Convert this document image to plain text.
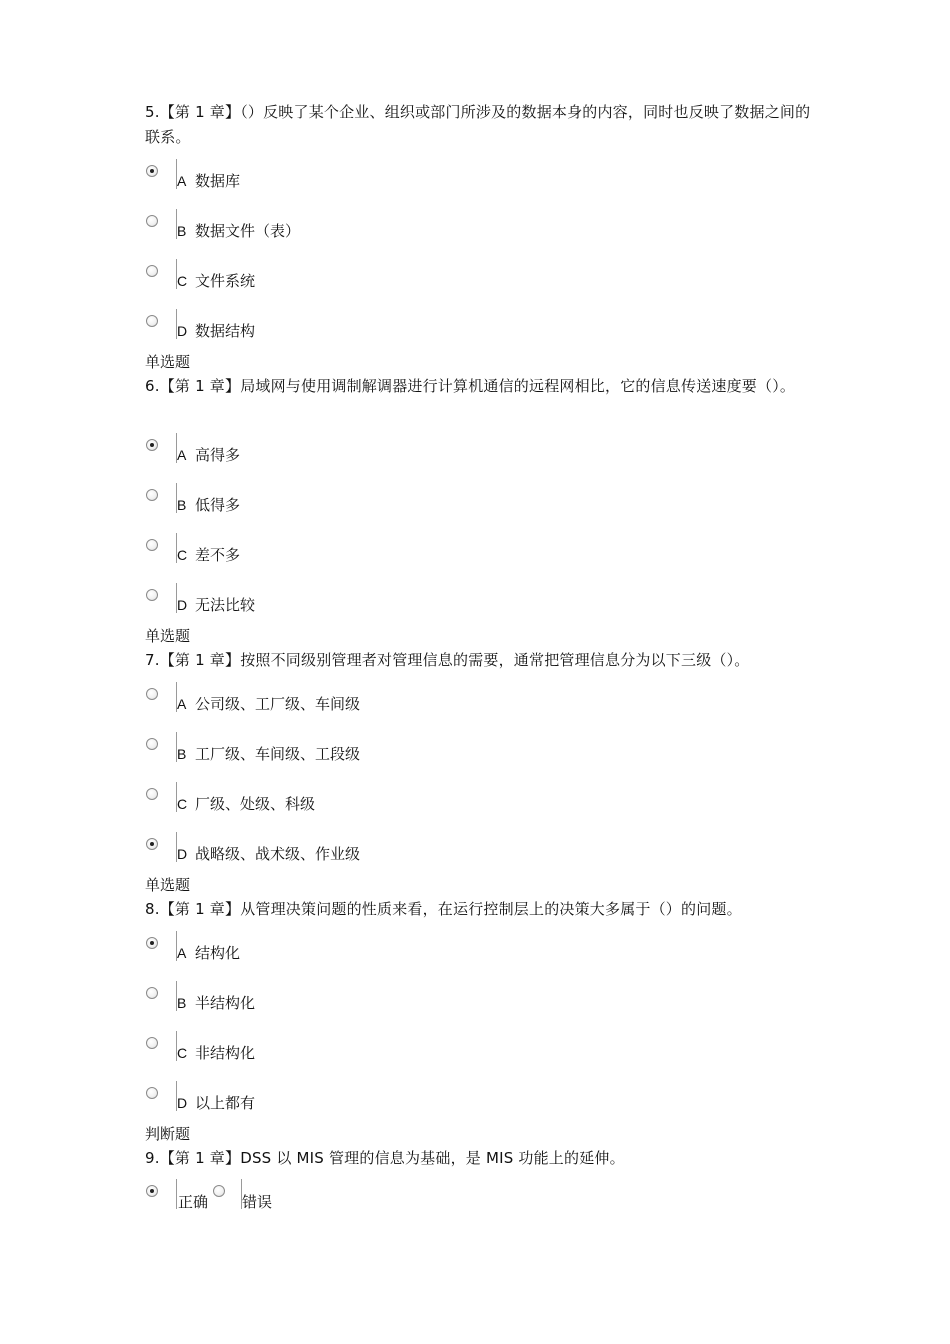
5.【第 1 章】（）反映了某个企业、组织或部门所涉及的数据本身的内容，同时也反映了数据之间的联系。
A 数据库
B 数据文件（表）
C 文件系统
D 数据结构
单选题
6.【第 1 章】局域网与使用调制解调器进行计算机通信的远程网相比，它的信息传送速度要（）。
A 高得多
B 低得多
C 差不多
D 无法比较
单选题
7.【第 1 章】按照不同级别管理者对管理信息的需要，通常把管理信息分为以下三级（）。
A 公司级、工厂级、车间级
B 工厂级、车间级、工段级
C 厂级、处级、科级
D 战略级、战术级、作业级
单选题
8.【第 1 章】从管理决策问题的性质来看，在运行控制层上的决策大多属于（）的问题。
A 结构化
B 半结构化
C 非结构化
D 以上都有
判断题
9.【第 1 章】DSS 以 MIS 管理的信息为基础，是 MIS 功能上的延伸。
正确 错误
